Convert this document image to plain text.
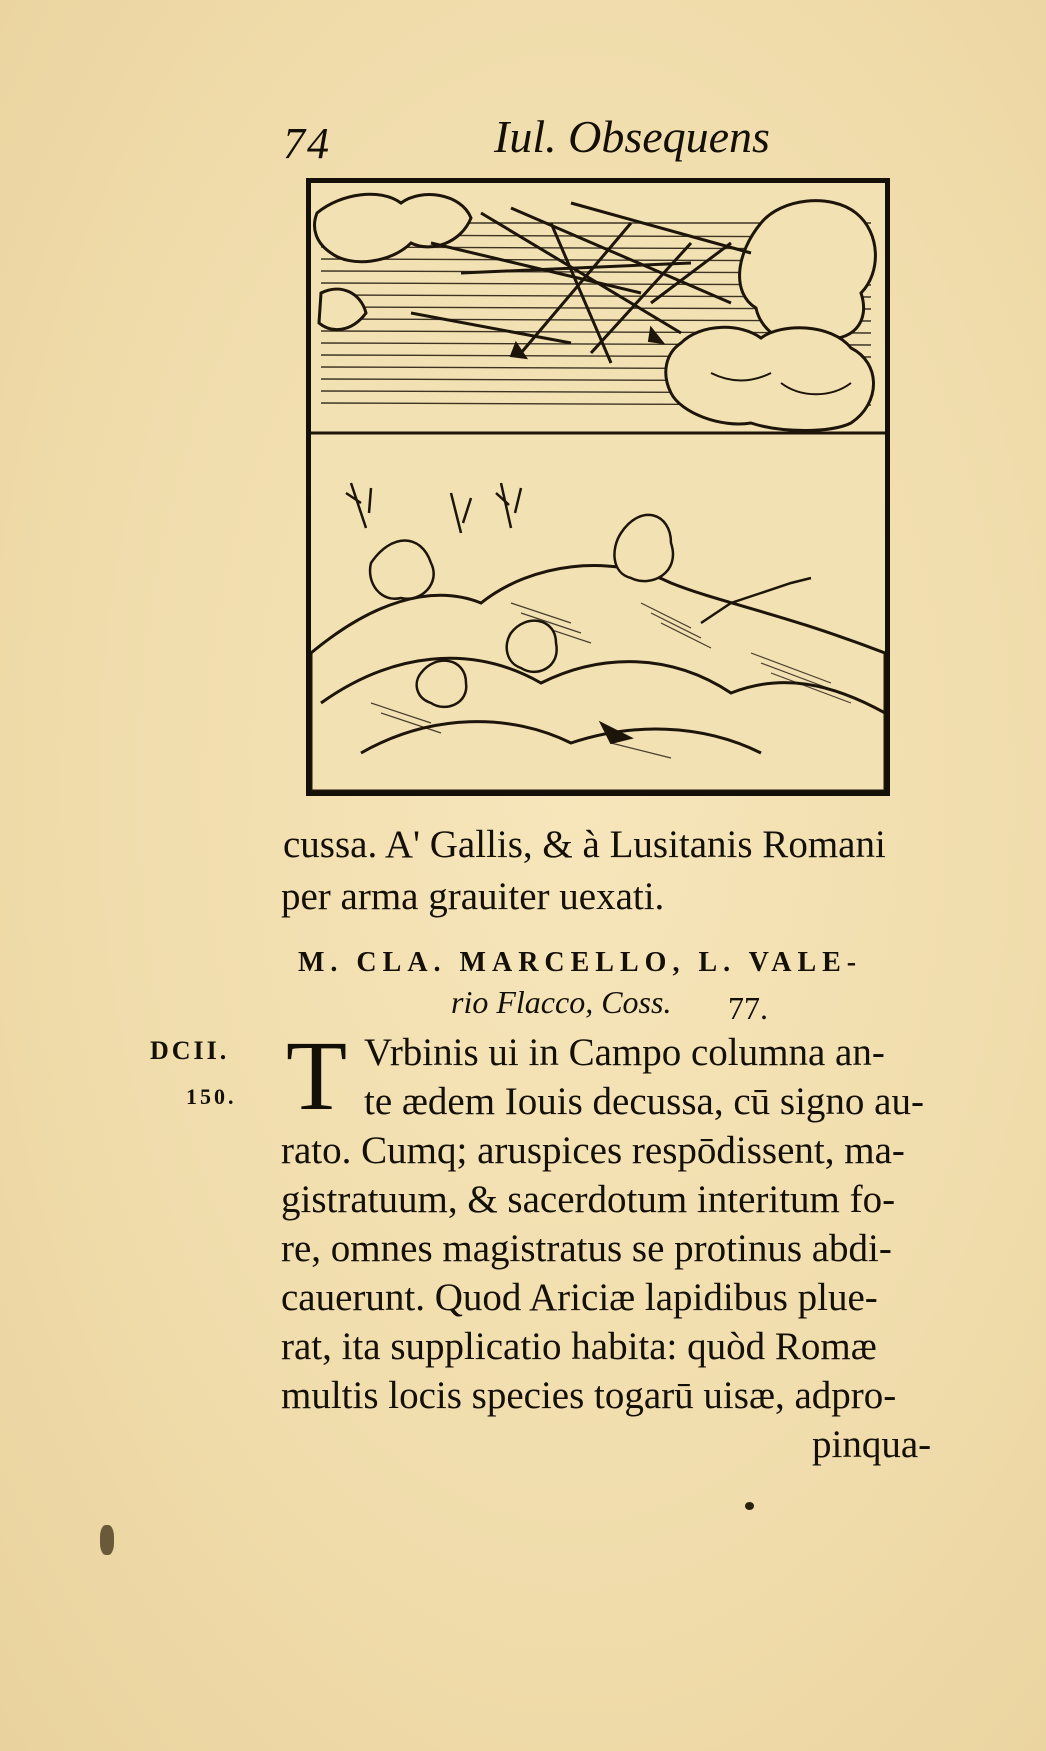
74	Iul. Obsequens
cussa. A' Gallis, & à Lusitanis Romani
per arma grauiter uexati.
M. CLA. MARCELLO, L. VALE-
rio Flacco, Coss. 77.
DCII.
150. T Vrbinis ui in Campo columna an-
te ædem Iouis decussa, cū signo au-
rato. Cumq; aruspices respōdissent, ma-
gistratuum, & sacerdotum interitum fo-
re, omnes magistratus se protinus abdi-
cauerunt. Quod Ariciæ lapidibus plue-
rat, ita supplicatio habita: quòd Romæ
multis locis species togarū uisæ, adpro-
pinqua-
